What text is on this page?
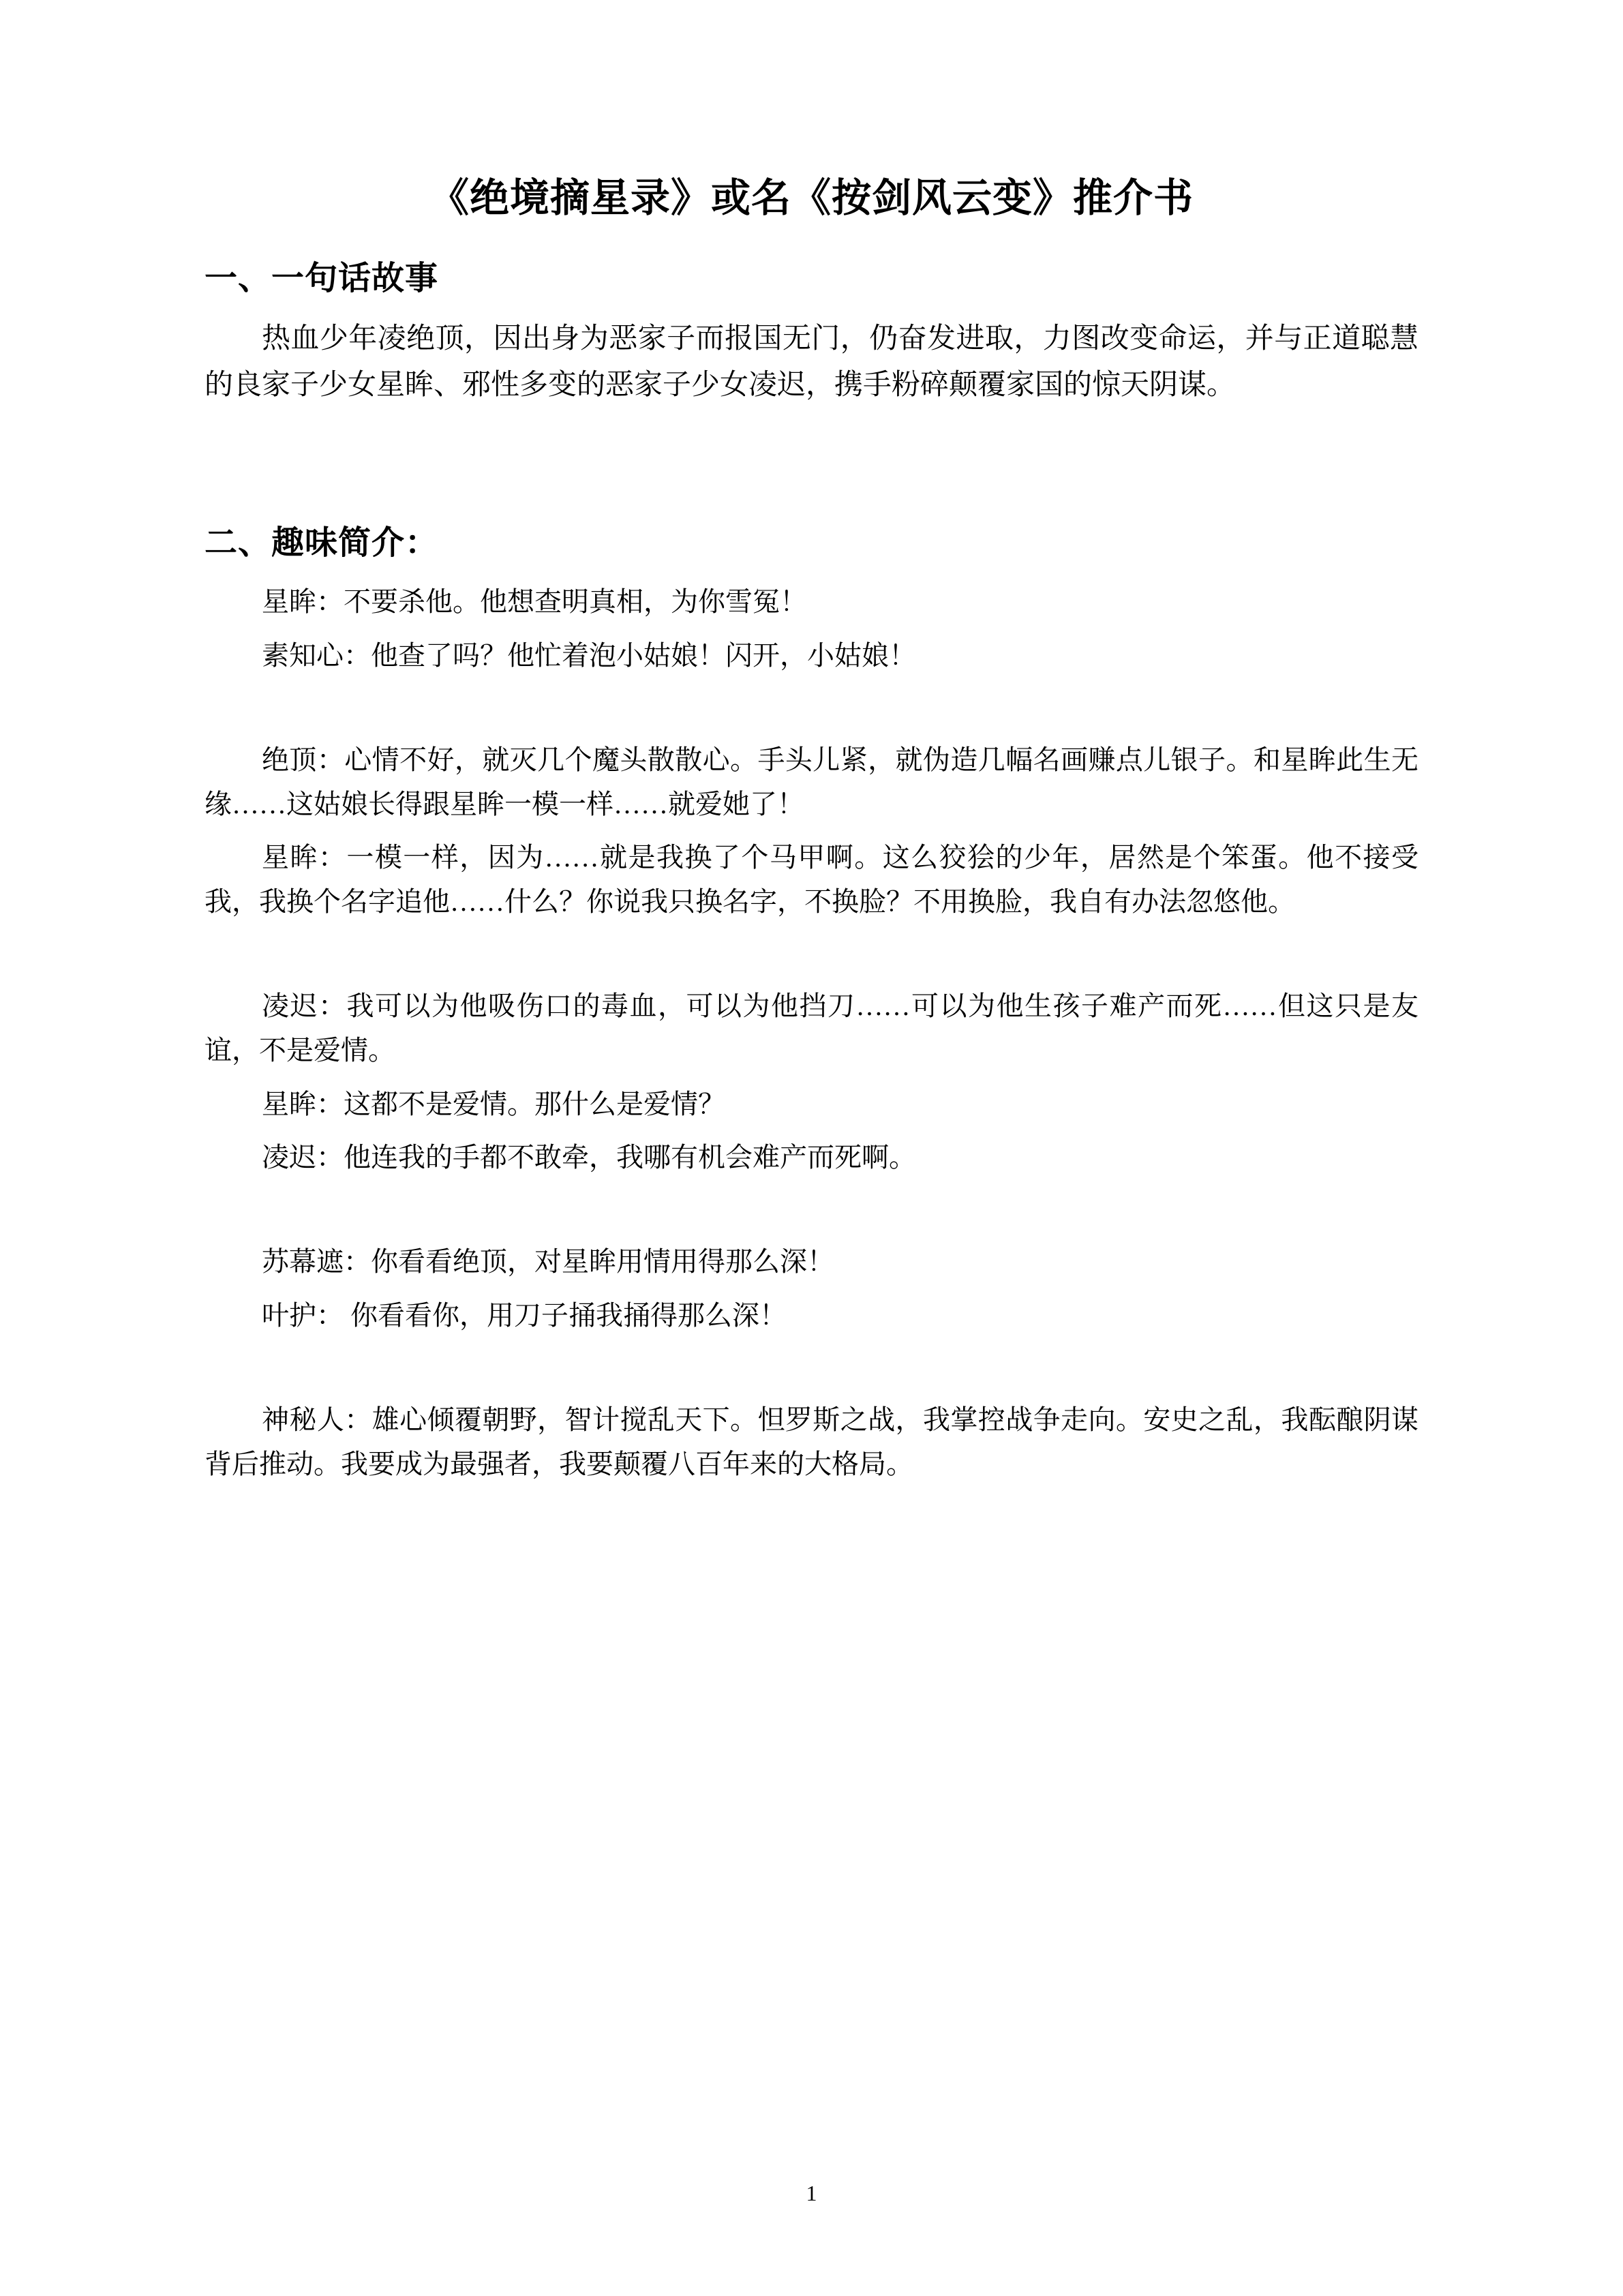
《绝境摘星录》或名《按剑风云变》推介书
一、一句话故事

热血少年凌绝顶，因出身为恶家子而报国无门，仍奋发进取，力图改变命运，并与正道聪慧的良家子少女星眸、邪性多变的恶家子少女凌迟，携手粉碎颠覆家国的惊天阴谋。

二、趣味简介：

星眸：不要杀他。他想查明真相，为你雪冤！

素知心：他查了吗？他忙着泡小姑娘！闪开，小姑娘！

绝顶：心情不好，就灭几个魔头散散心。手头儿紧，就伪造几幅名画赚点儿银子。和星眸此生无缘……这姑娘长得跟星眸一模一样……就爱她了！

星眸：一模一样，因为……就是我换了个马甲啊。这么狡狯的少年，居然是个笨蛋。他不接受我，我换个名字追他……什么？你说我只换名字，不换脸？不用换脸，我自有办法忽悠他。

凌迟：我可以为他吸伤口的毒血，可以为他挡刀……可以为他生孩子难产而死……但这只是友谊，不是爱情。

星眸：这都不是爱情。那什么是爱情？

凌迟：他连我的手都不敢牵，我哪有机会难产而死啊。

苏幕遮：你看看绝顶，对星眸用情用得那么深！

叶护： 你看看你，用刀子捅我捅得那么深！

神秘人：雄心倾覆朝野，智计搅乱天下。怛罗斯之战，我掌控战争走向。安史之乱，我酝酿阴谋背后推动。我要成为最强者，我要颠覆八百年来的大格局。

1
